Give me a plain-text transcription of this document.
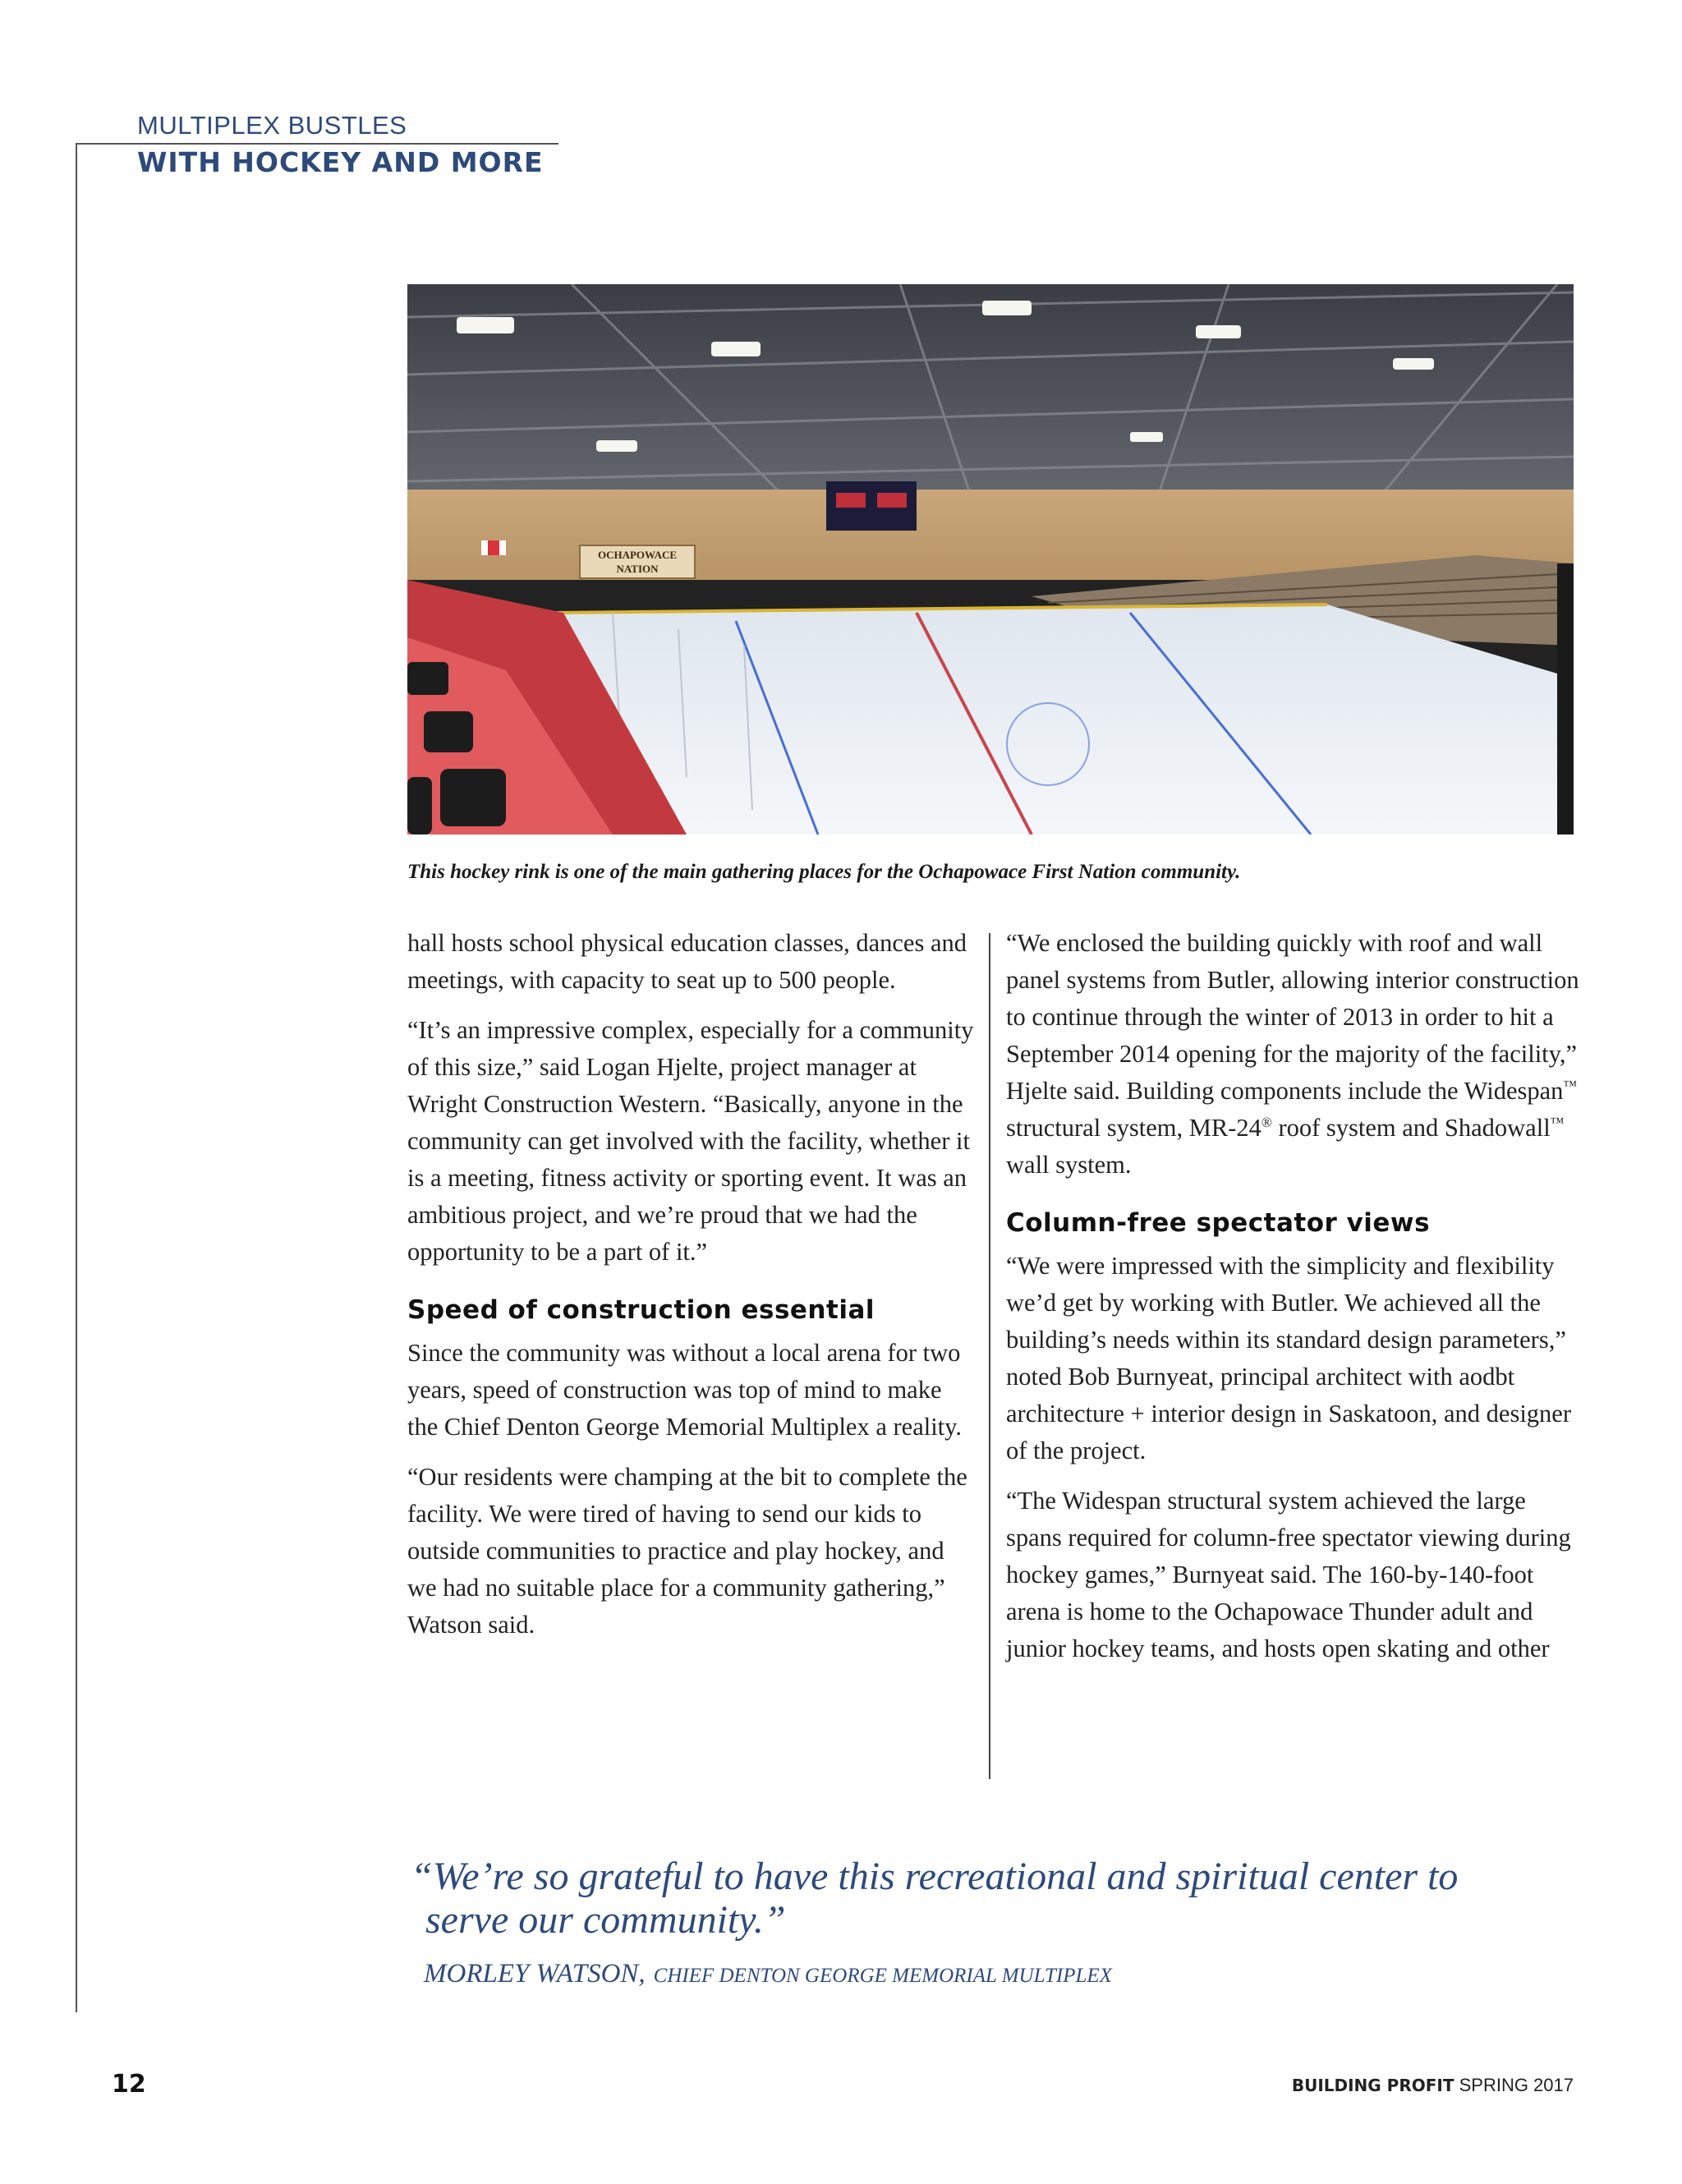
MULTIPLEX BUSTLES
WITH HOCKEY AND MORE
OCHAPOWACE
NATION
This hockey rink is one of the main gathering places for the Ochapowace First Nation community.

hall hosts school physical education classes, dances and meetings, with capacity to seat up to 500 people.

“It’s an impressive complex, especially for a community of this size,” said Logan Hjelte, project manager at Wright Construction Western. “Basically, anyone in the community can get involved with the facility, whether it is a meeting, fitness activity or sporting event. It was an ambitious project, and we’re proud that we had the opportunity to be a part of it.”

Speed of construction essential

Since the community was without a local arena for two years, speed of construction was top of mind to make the Chief Denton George Memorial Multiplex a reality.

“Our residents were champing at the bit to complete the facility. We were tired of having to send our kids to outside communities to practice and play hockey, and we had no suitable place for a community gathering,” Watson said.

“We enclosed the building quickly with roof and wall panel systems from Butler, allowing interior construction to continue through the winter of 2013 in order to hit a September 2014 opening for the majority of the facility,” Hjelte said. Building components include the Widespan™ structural system, MR-24® roof system and Shadowall™ wall system.

Column-free spectator views

“We were impressed with the simplicity and flexibility we’d get by working with Butler. We achieved all the building’s needs within its standard design parameters,” noted Bob Burnyeat, principal architect with aodbt architecture + interior design in Saskatoon, and designer of the project.

“The Widespan structural system achieved the large spans required for column-free spectator viewing during hockey games,” Burnyeat said. The 160-by-140-foot arena is home to the Ochapowace Thunder adult and junior hockey teams, and hosts open skating and other

“We’re so grateful to have this recreational and spiritual center to
serve our community.”
MORLEY WATSON, CHIEF DENTON GEORGE MEMORIAL MULTIPLEX
12	BUILDING PROFIT SPRING 2017
